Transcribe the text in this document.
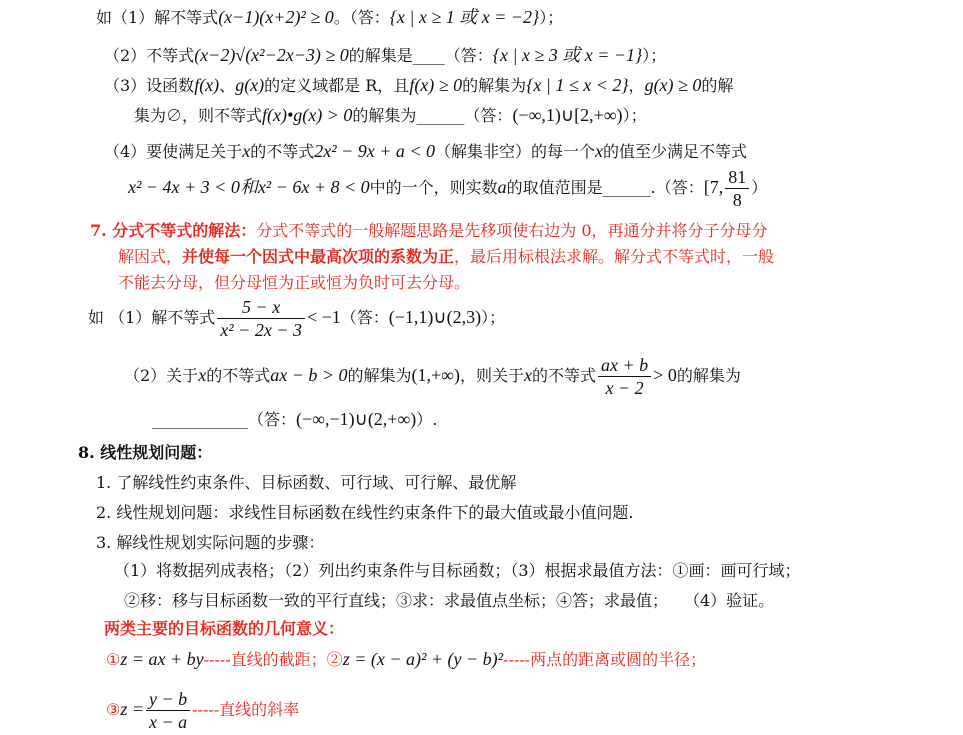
如（1）解不等式(x−1)(x+2)² ≥ 0。（答：{x | x ≥ 1 或 x = −2}）；
（2）不等式(x−2)√(x²−2x−3) ≥ 0的解集是____（答：{x | x ≥ 3 或 x = −1}）；
（3）设函数f(x)、g(x)的定义域都是 R，且f(x) ≥ 0的解集为{x | 1 ≤ x < 2}，g(x) ≥ 0的解
集为∅，则不等式f(x)•g(x) > 0的解集为______（答：(−∞,1)∪[2,+∞)）；
（4）要使满足关于x的不等式2x² − 9x + a < 0（解集非空）的每一个x的值至少满足不等式
x² − 4x + 3 < 0和x² − 6x + 8 < 0中的一个，则实数a的取值范围是______.（答：[7, $\frac{81}{8}$ ）
7. 分式不等式的解法：分式不等式的一般解题思路是先移项使右边为 0，再通分并将分子分母分
解因式，并使每一个因式中最高次项的系数为正，最后用标根法求解。解分式不等式时，一般
不能去分母，但分母恒为正或恒为负时可去分母。
如 （1）解不等式 $\frac{5 - x}{\text{x² − 2x − 3}} < -1$（答：(−1,1)∪(2,3)）；
（2）关于x的不等式ax − b > 0的解集为(1,+∞)，则关于x的不等式 $\frac{ax + b}{x - 2} > 0$的解集为
____________（答：(−∞,−1)∪(2,+∞)）.
8. 线性规划问题：
1. 了解线性约束条件、目标函数、可行域、可行解、最优解
2. 线性规划问题：求线性目标函数在线性约束条件下的最大值或最小值问题.
3. 解线性规划实际问题的步骤：
（1）将数据列成表格；（2）列出约束条件与目标函数；（3）根据求最值方法：①画：画可行域；
②移：移与目标函数一致的平行直线；③求：求最值点坐标；④答；求最值；　　（4）验证。
两类主要的目标函数的几何意义：
①z = ax + by-----直线的截距；②z = (x − a)² + (y − b)²-----两点的距离或圆的半径；
③z = $\frac{y - b}{x - a}$ -----直线的斜率
